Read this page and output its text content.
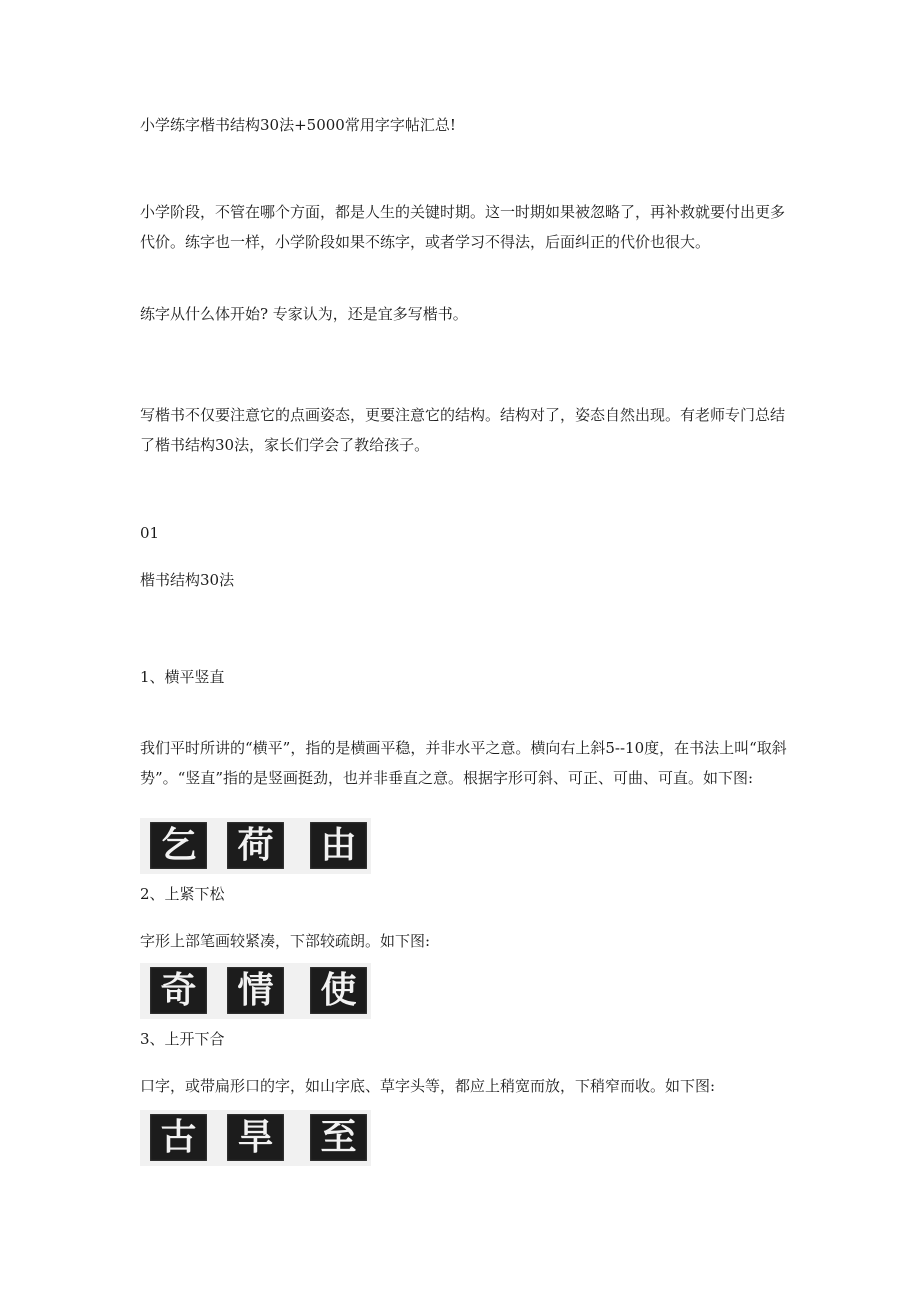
小学练字楷书结构30法+5000常用字字帖汇总!

小学阶段，不管在哪个方面，都是人生的关键时期。这一时期如果被忽略了，再补救就要付出更多代价。练字也一样，小学阶段如果不练字，或者学习不得法，后面纠正的代价也很大。

练字从什么体开始? 专家认为，还是宜多写楷书。

写楷书不仅要注意它的点画姿态，更要注意它的结构。结构对了，姿态自然出现。有老师专门总结了楷书结构30法，家长们学会了教给孩子。

01

楷书结构30法

1、横平竖直

我们平时所讲的“横平”，指的是横画平稳，并非水平之意。横向右上斜5--10度，在书法上叫“取斜势”。“竖直”指的是竖画挺劲，也并非垂直之意。根据字形可斜、可正、可曲、可直。如下图:

乞 荷 由

2、上紧下松

字形上部笔画较紧凑，下部较疏朗。如下图:

奇 情 使

3、上开下合

口字，或带扁形口的字，如山字底、草字头等，都应上稍宽而放，下稍窄而收。如下图:

古 旱 至
